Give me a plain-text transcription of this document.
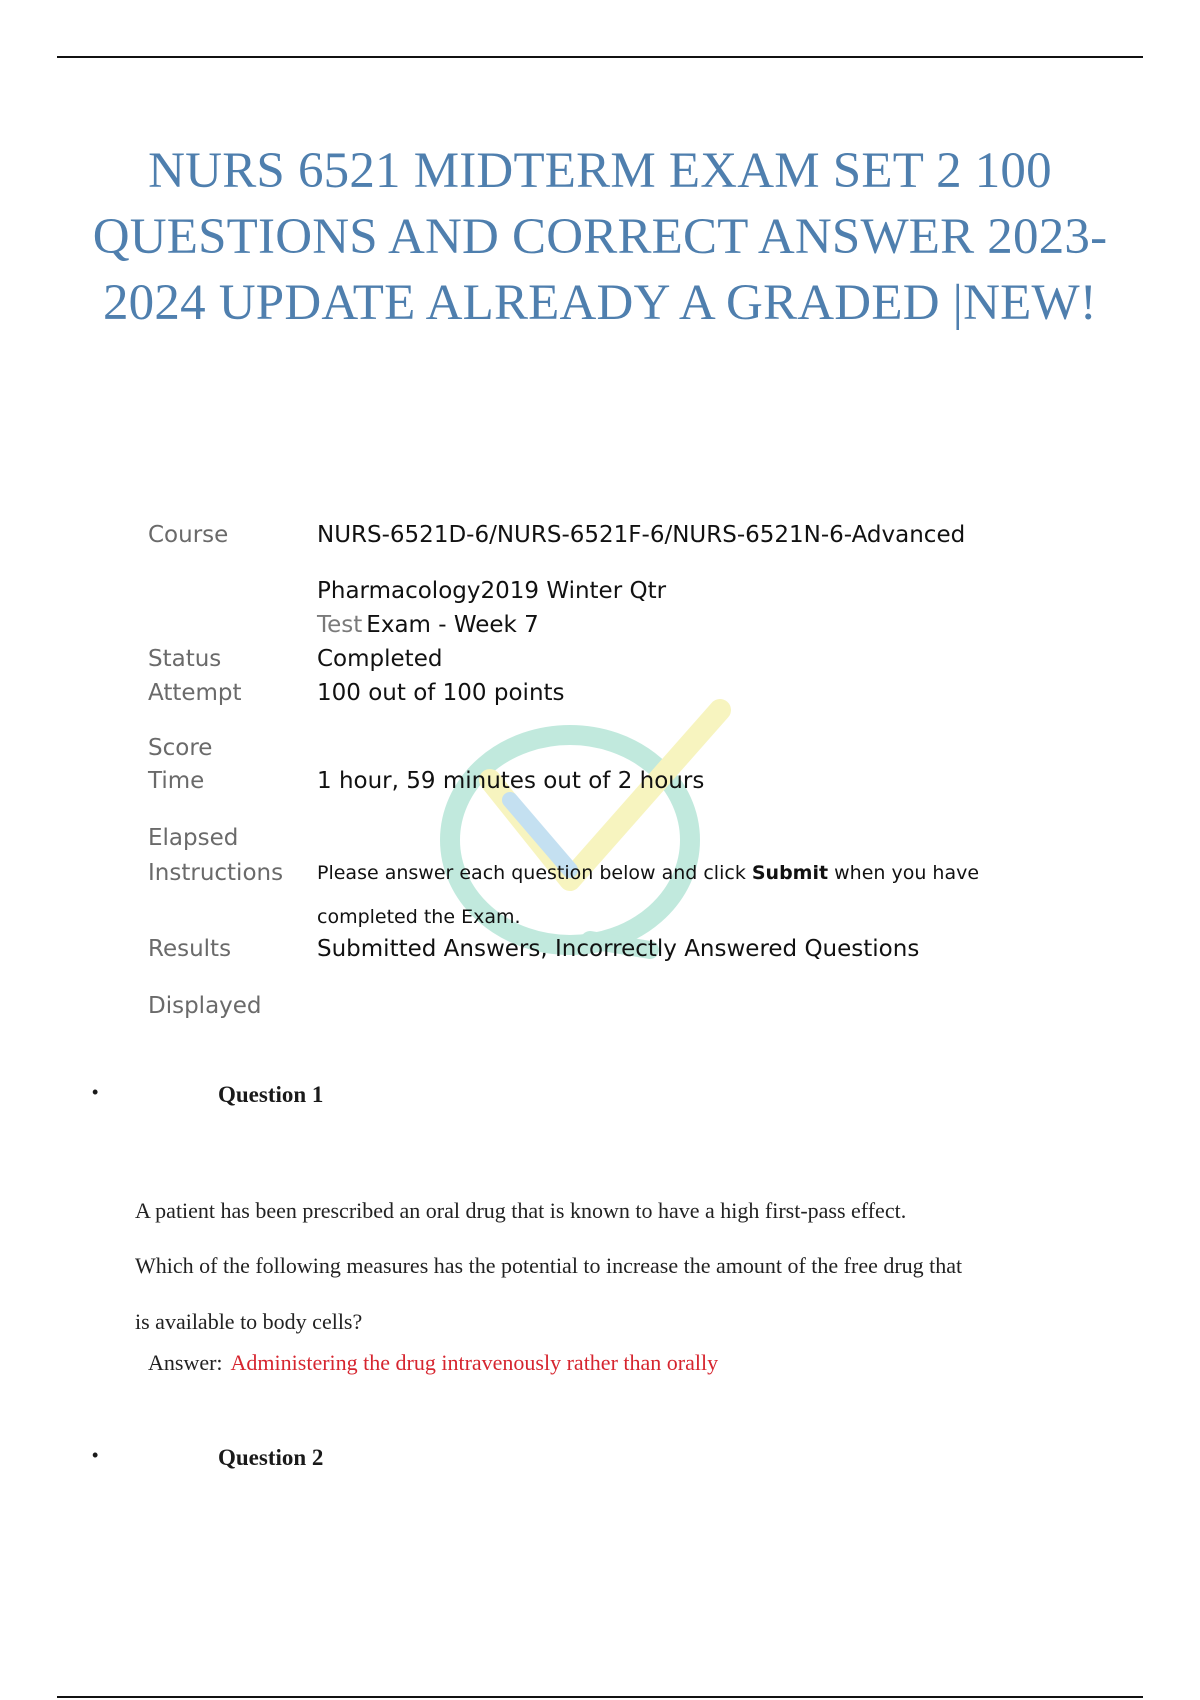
NURS 6521 MIDTERM EXAM SET 2 100
QUESTIONS AND CORRECT ANSWER 2023-
2024 UPDATE ALREADY A GRADED |NEW!
Course	NURS-6521D-6/NURS-6521F-6/NURS-6521N-6-Advanced
Pharmacology2019 Winter Qtr
Test Exam - Week 7
Status	Completed
Attempt	100 out of 100 points
Score
Time	1 hour, 59 minutes out of 2 hours
Elapsed
Instructions Please answer each question below and click Submit when you have
completed the Exam.
Results	Submitted Answers, Incorrectly Answered Questions
Displayed
•	Question 1
A patient has been prescribed an oral drug that is known to have a high first-pass effect.
Which of the following measures has the potential to increase the amount of the free drug that
is available to body cells?
Answer: Administering the drug intravenously rather than orally
•	Question 2
